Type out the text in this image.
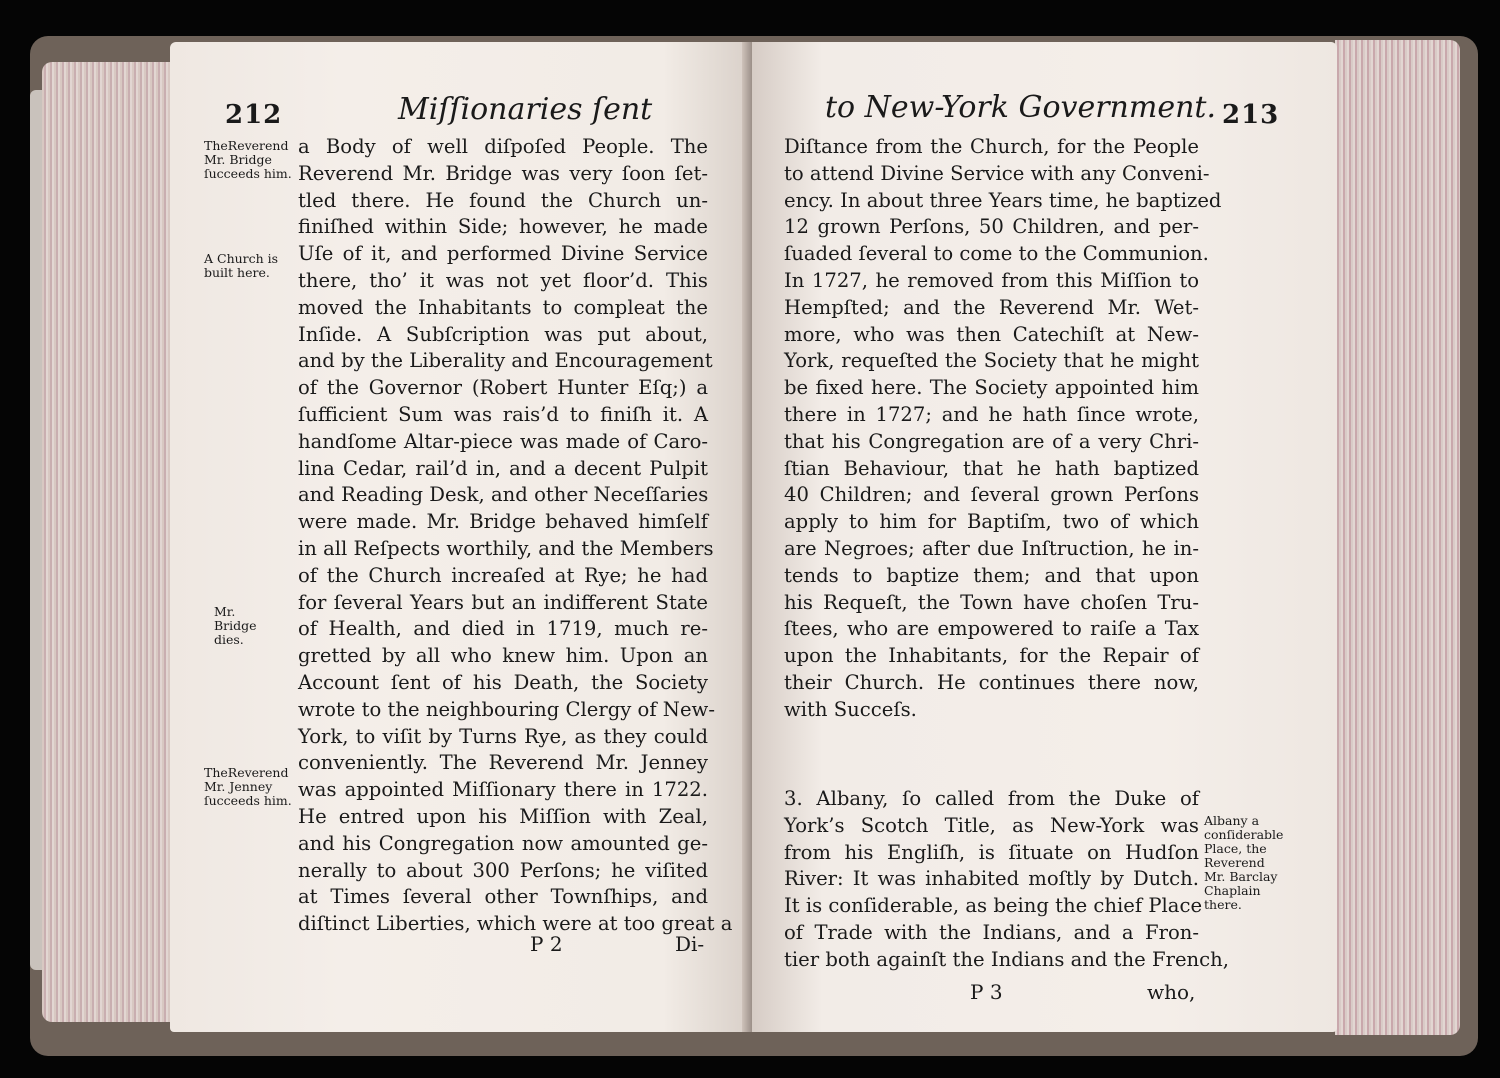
212	Miſſionaries ſent
TheReverend Mr. Bridge ſucceeds him.
A Church is built here.
Mr. Bridge dies.
TheReverend Mr. Jenney ſucceeds him.
a Body of well diſpoſed People. The
Reverend Mr. Bridge was very ſoon ſet-
tled there. He found the Church un-
finiſhed within Side; however, he made
Uſe of it, and performed Divine Service
there, tho’ it was not yet floor’d. This
moved the Inhabitants to compleat the
Inſide. A Subſcription was put about,
and by the Liberality and Encouragement
of the Governor (Robert Hunter Eſq;) a
ſufficient Sum was rais’d to finiſh it. A
handſome Altar-piece was made of Caro-
lina Cedar, rail’d in, and a decent Pulpit
and Reading Desk, and other Neceſſaries
were made. Mr. Bridge behaved himſelf
in all Reſpects worthily, and the Members
of the Church increaſed at Rye; he had
for ſeveral Years but an indifferent State
of Health, and died in 1719, much re-
gretted by all who knew him. Upon an
Account ſent of his Death, the Society
wrote to the neighbouring Clergy of New-
York, to viſit by Turns Rye, as they could
conveniently. The Reverend Mr. Jenney
was appointed Miſſionary there in 1722.
He entred upon his Miſſion with Zeal,
and his Congregation now amounted ge-
nerally to about 300 Perſons; he viſited
at Times ſeveral other Townſhips, and
diſtinct Liberties, which were at too great a
P 2	Di-
to New-York Government. 213
Diſtance from the Church, for the People
to attend Divine Service with any Conveni-
ency. In about three Years time, he baptized
12 grown Perſons, 50 Children, and per-
ſuaded ſeveral to come to the Communion.
In 1727, he removed from this Miſſion to
Hempſted; and the Reverend Mr. Wet-
more, who was then Catechiſt at New-
York, requeſted the Society that he might
be fixed here. The Society appointed him
there in 1727; and he hath ſince wrote,
that his Congregation are of a very Chri-
ſtian Behaviour, that he hath baptized
40 Children; and ſeveral grown Perſons
apply to him for Baptiſm, two of which
are Negroes; after due Inſtruction, he in-
tends to baptize them; and that upon
his Requeſt, the Town have choſen Tru-
ſtees, who are empowered to raiſe a Tax
upon the Inhabitants, for the Repair of
their Church. He continues there now,
with Succeſs.
3. Albany, ſo called from the Duke of
York’s Scotch Title, as New-York was
from his Engliſh, is ſituate on Hudſon
River: It was inhabited moſtly by Dutch.
It is conſiderable, as being the chief Place
of Trade with the Indians, and a Fron-
tier both againſt the Indians and the French,
Albany a conſiderable Place, the Reverend Mr. Barclay Chaplain there.
P 3	who,
